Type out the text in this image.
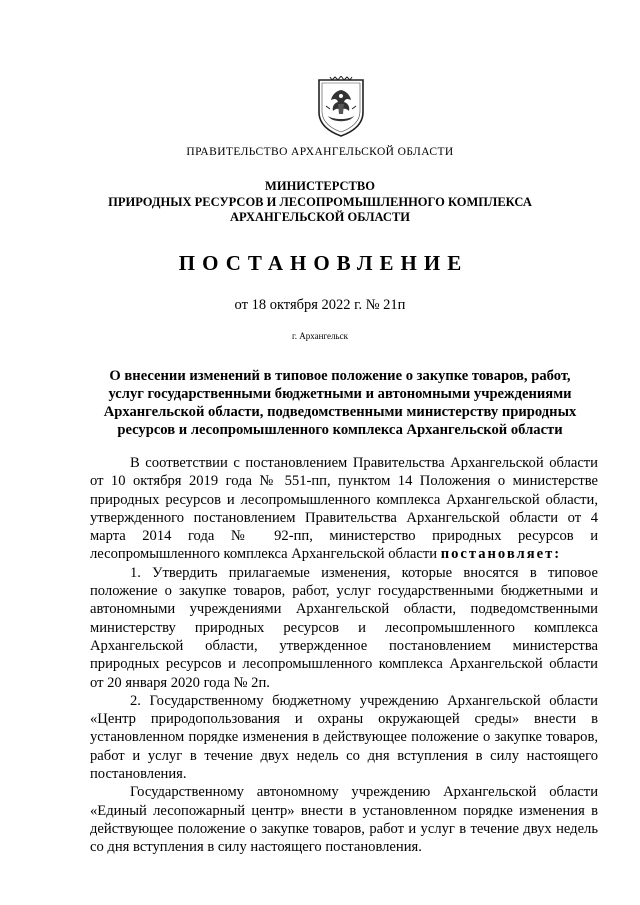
ПРАВИТЕЛЬСТВО АРХАНГЕЛЬСКОЙ ОБЛАСТИ
МИНИСТЕРСТВО
ПРИРОДНЫХ РЕСУРСОВ И ЛЕСОПРОМЫШЛЕННОГО КОМПЛЕКСА
АРХАНГЕЛЬСКОЙ ОБЛАСТИ
ПОСТАНОВЛЕНИЕ
от 18 октября 2022 г. № 21п
г. Архангельск
О внесении изменений в типовое положение о закупке товаров, работ,
услуг государственными бюджетными и автономными учреждениями
Архангельской области, подведомственными министерству природных
ресурсов и лесопромышленного комплекса Архангельской области

В соответствии с постановлением Правительства Архангельской области от 10 октября 2019 года № 551-пп, пунктом 14 Положения о министерстве природных ресурсов и лесопромышленного комплекса Архангельской области, утвержденного постановлением Правительства Архангельской области от 4 марта 2014 года № 92-пп, министерство природных ресурсов и лесопромышленного комплекса Архангельской области постановляет:

1. Утвердить прилагаемые изменения, которые вносятся в типовое положение о закупке товаров, работ, услуг государственными бюджетными и автономными учреждениями Архангельской области, подведомственными министерству природных ресурсов и лесопромышленного комплекса Архангельской области, утвержденное постановлением министерства природных ресурсов и лесопромышленного комплекса Архангельской области от 20 января 2020 года № 2п.

2. Государственному бюджетному учреждению Архангельской области «Центр природопользования и охраны окружающей среды» внести в установленном порядке изменения в действующее положение о закупке товаров, работ и услуг в течение двух недель со дня вступления в силу настоящего постановления.

Государственному автономному учреждению Архангельской области «Единый лесопожарный центр» внести в установленном порядке изменения в действующее положение о закупке товаров, работ и услуг в течение двух недель со дня вступления в силу настоящего постановления.
